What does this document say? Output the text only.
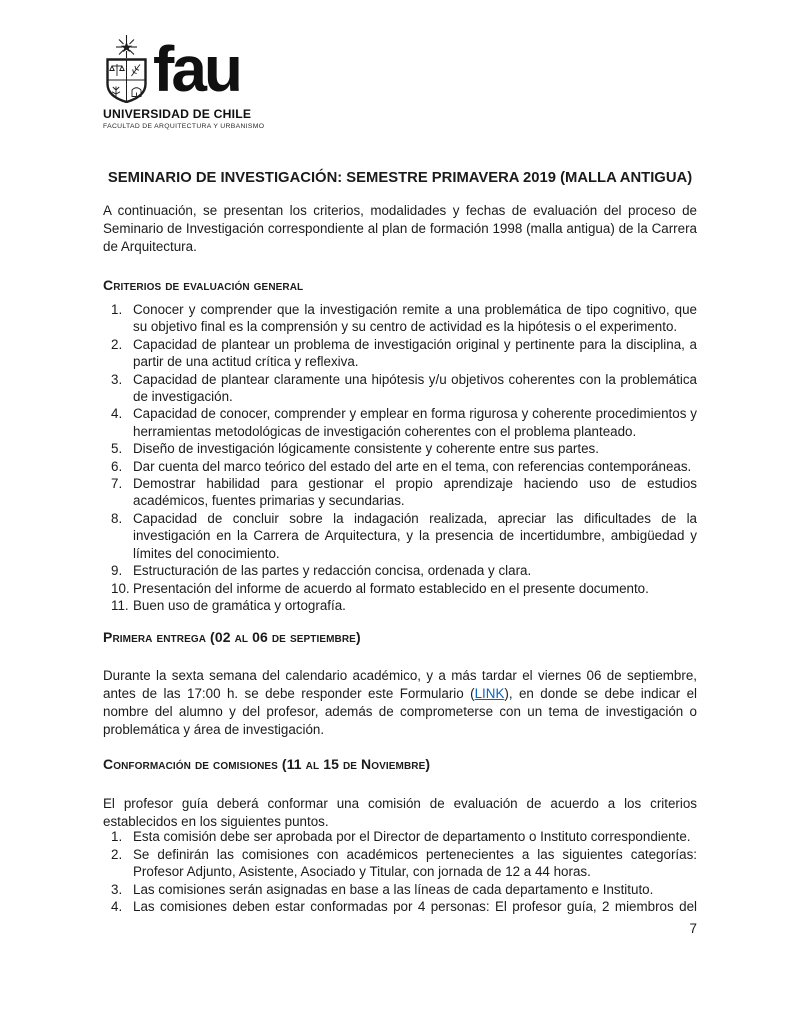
fau
UNIVERSIDAD DE CHILE
FACULTAD DE ARQUITECTURA Y URBANISMO
SEMINARIO DE INVESTIGACIÓN: SEMESTRE PRIMAVERA 2019 (MALLA ANTIGUA)

A continuación, se presentan los criterios, modalidades y fechas de evaluación del proceso de Seminario de Investigación correspondiente al plan de formación 1998 (malla antigua) de la Carrera de Arquitectura.

Criterios de evaluación general
Conocer y comprender que la investigación remite a una problemática de tipo cognitivo, que su objetivo final es la comprensión y su centro de actividad es la hipótesis o el experimento.
Capacidad de plantear un problema de investigación original y pertinente para la disciplina, a partir de una actitud crítica y reflexiva.
Capacidad de plantear claramente una hipótesis y/u objetivos coherentes con la problemática de investigación.
Capacidad de conocer, comprender y emplear en forma rigurosa y coherente procedimientos y herramientas metodológicas de investigación coherentes con el problema planteado.
Diseño de investigación lógicamente consistente y coherente entre sus partes.
Dar cuenta del marco teórico del estado del arte en el tema, con referencias contemporáneas.
Demostrar habilidad para gestionar el propio aprendizaje haciendo uso de estudios académicos, fuentes primarias y secundarias.
Capacidad de concluir sobre la indagación realizada, apreciar las dificultades de la investigación en la Carrera de Arquitectura, y la presencia de incertidumbre, ambigüedad y límites del conocimiento.
Estructuración de las partes y redacción concisa, ordenada y clara.
Presentación del informe de acuerdo al formato establecido en el presente documento.
Buen uso de gramática y ortografía.
Primera entrega (02 al 06 de septiembre)

Durante la sexta semana del calendario académico, y a más tardar el viernes 06 de septiembre, antes de las 17:00 h. se debe responder este Formulario (LINK), en donde se debe indicar el nombre del alumno y del profesor, además de comprometerse con un tema de investigación o problemática y área de investigación.

Conformación de comisiones (11 al 15 de Noviembre)

El profesor guía deberá conformar una comisión de evaluación de acuerdo a los criterios establecidos en los siguientes puntos.

Esta comisión debe ser aprobada por el Director de departamento o Instituto correspondiente.
Se definirán las comisiones con académicos pertenecientes a las siguientes categorías: Profesor Adjunto, Asistente, Asociado y Titular, con jornada de 12 a 44 horas.
Las comisiones serán asignadas en base a las líneas de cada departamento e Instituto.
Las comisiones deben estar conformadas por 4 personas: El profesor guía, 2 miembros del
7
